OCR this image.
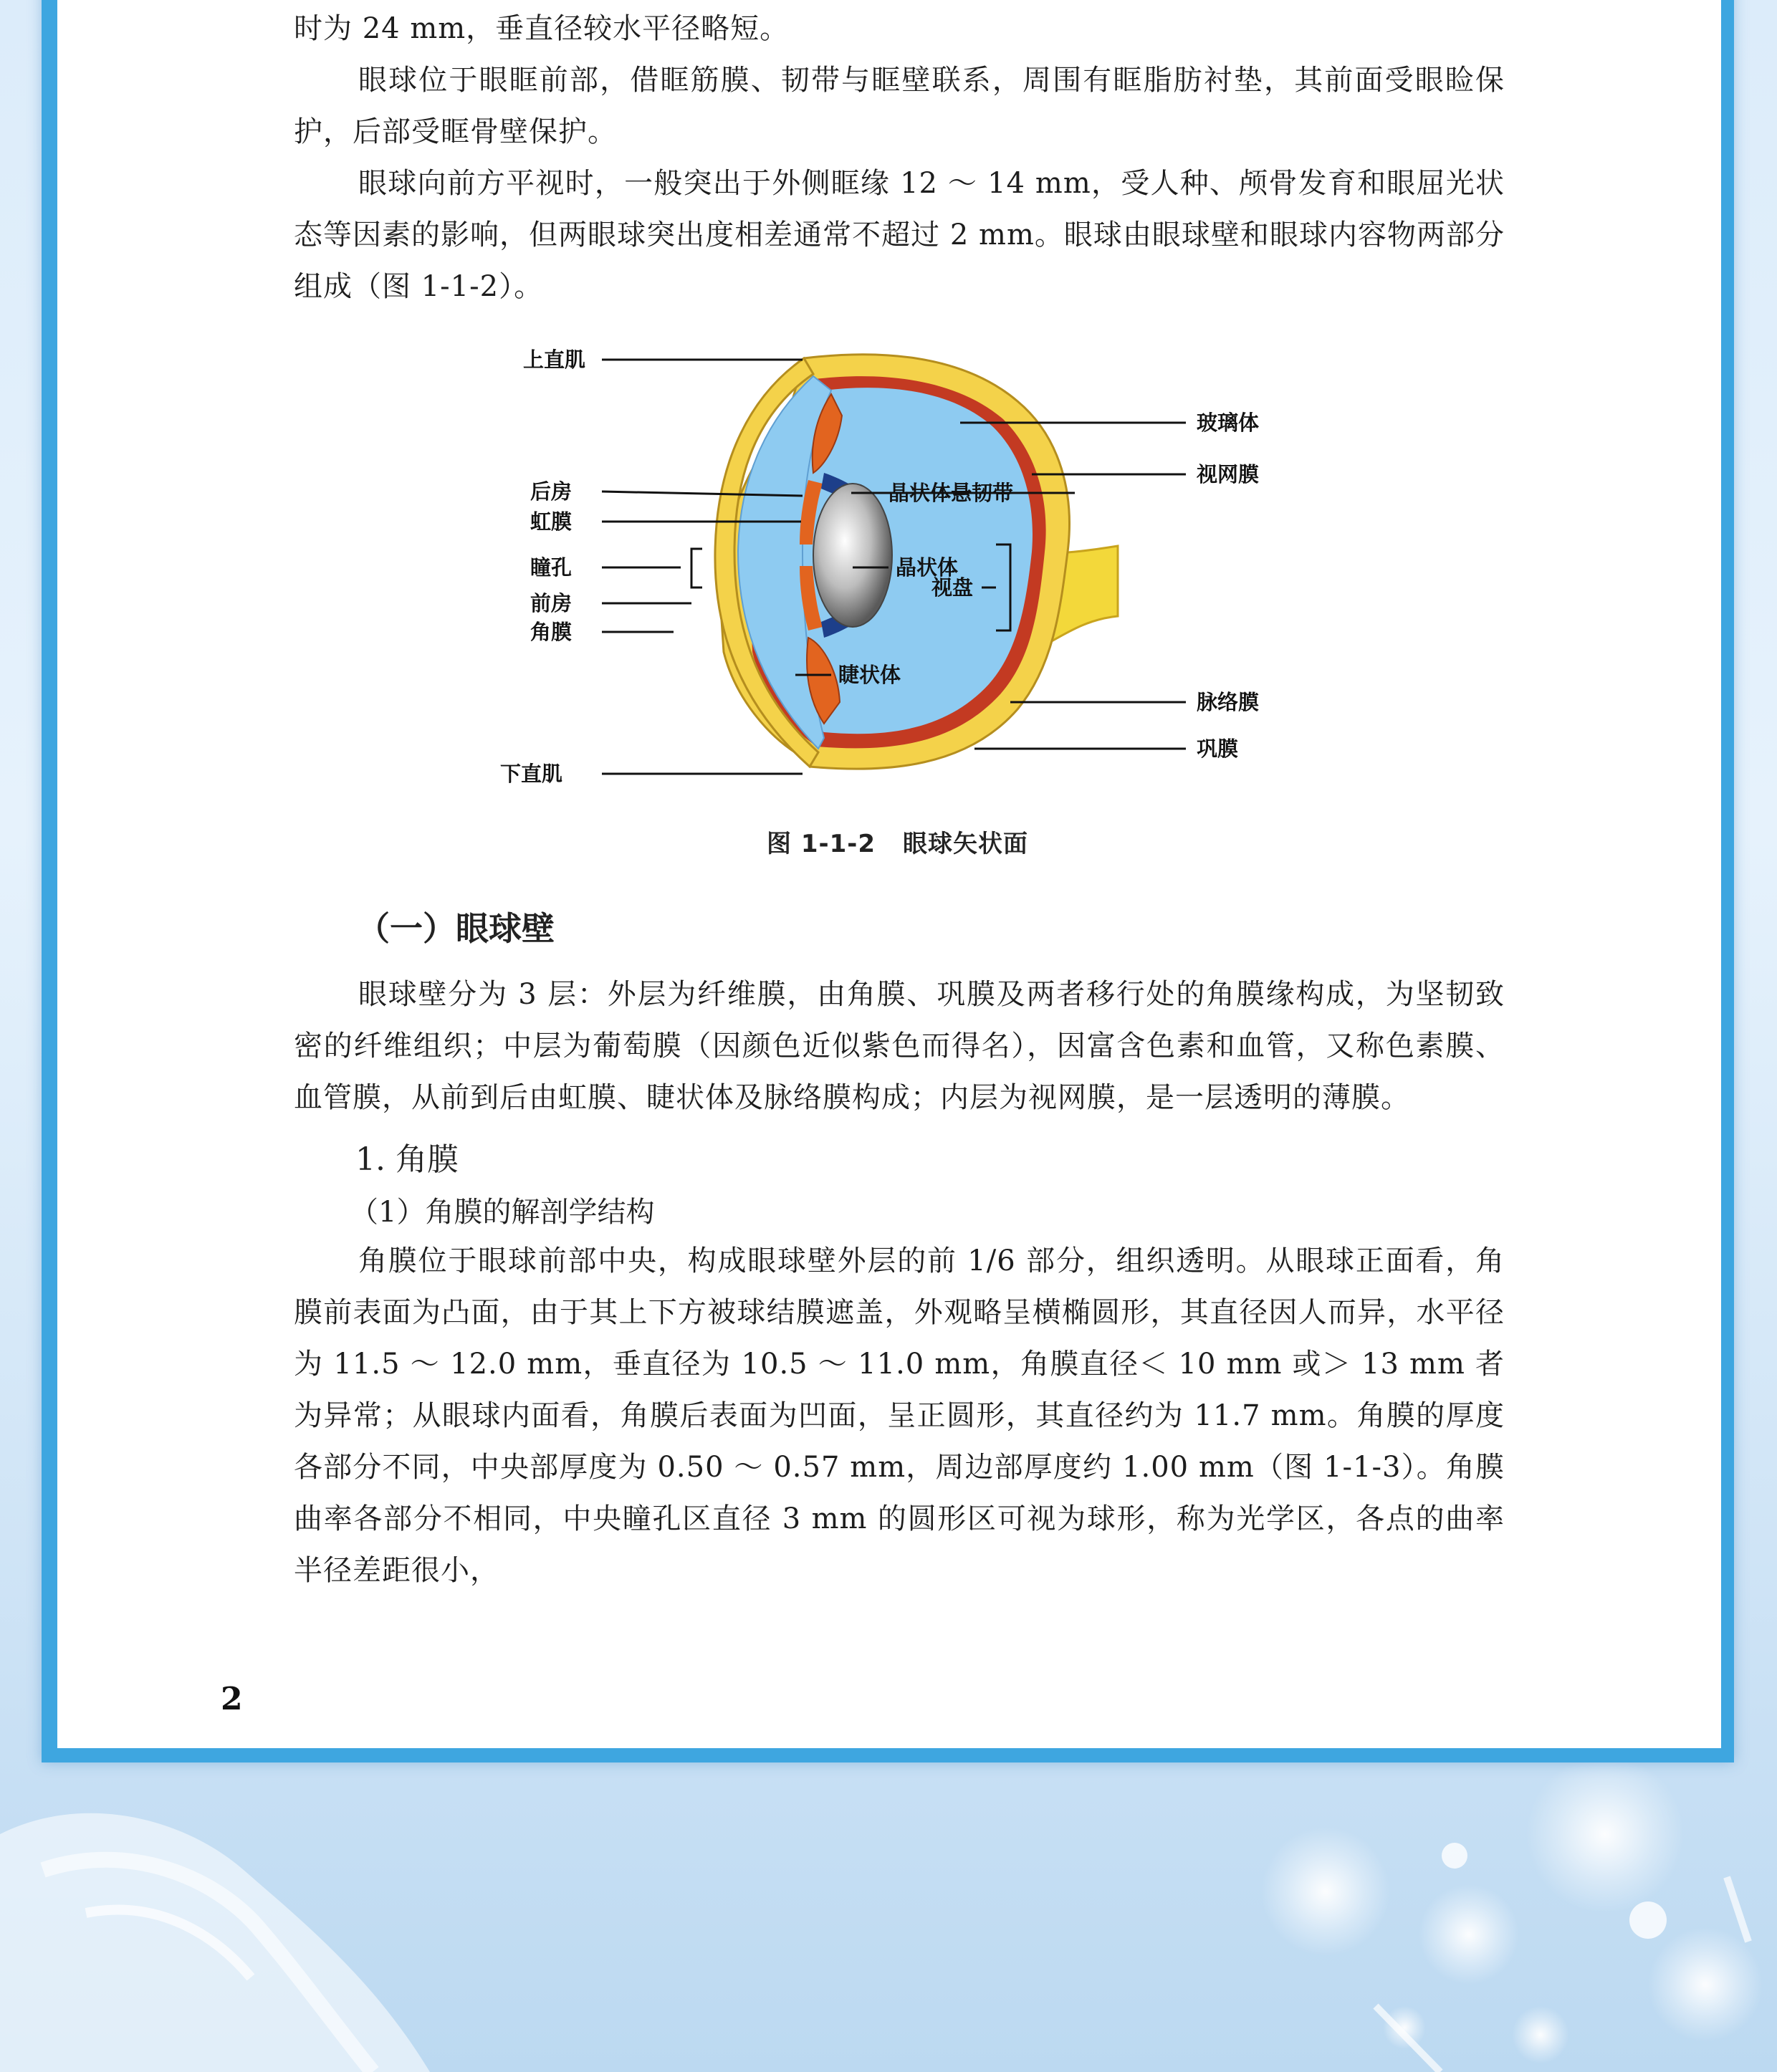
时为 24 mm，垂直径较水平径略短。

眼球位于眼眶前部，借眶筋膜、韧带与眶壁联系，周围有眶脂肪衬垫，其前面受眼睑保护，后部受眶骨壁保护。

眼球向前方平视时，一般突出于外侧眶缘 12 ～ 14 mm，受人种、颅骨发育和眼屈光状态等因素的影响，但两眼球突出度相差通常不超过 2 mm。眼球由眼球壁和眼球内容物两部分组成（图 1-1-2）。

上直肌
玻璃体
视网膜
后房	晶状体悬韧带
虹膜
瞳孔	晶状体
前房
视盘
角膜
睫状体
脉络膜
巩膜
下直肌
图 1-1-2 眼球矢状面
（一）眼球壁

眼球壁分为 3 层：外层为纤维膜，由角膜、巩膜及两者移行处的角膜缘构成，为坚韧致密的纤维组织；中层为葡萄膜（因颜色近似紫色而得名），因富含色素和血管，又称色素膜、血管膜，从前到后由虹膜、睫状体及脉络膜构成；内层为视网膜，是一层透明的薄膜。

1. 角膜
（1）角膜的解剖学结构

角膜位于眼球前部中央，构成眼球壁外层的前 1/6 部分，组织透明。从眼球正面看，角膜前表面为凸面，由于其上下方被球结膜遮盖，外观略呈横椭圆形，其直径因人而异，水平径为 11.5 ～ 12.0 mm，垂直径为 10.5 ～ 11.0 mm，角膜直径＜ 10 mm 或＞ 13 mm 者为异常；从眼球内面看，角膜后表面为凹面，呈正圆形，其直径约为 11.7 mm。角膜的厚度各部分不同，中央部厚度为 0.50 ～ 0.57 mm，周边部厚度约 1.00 mm（图 1-1-3）。角膜曲率各部分不相同，中央瞳孔区直径 3 mm 的圆形区可视为球形，称为光学区，各点的曲率半径差距很小，

2
